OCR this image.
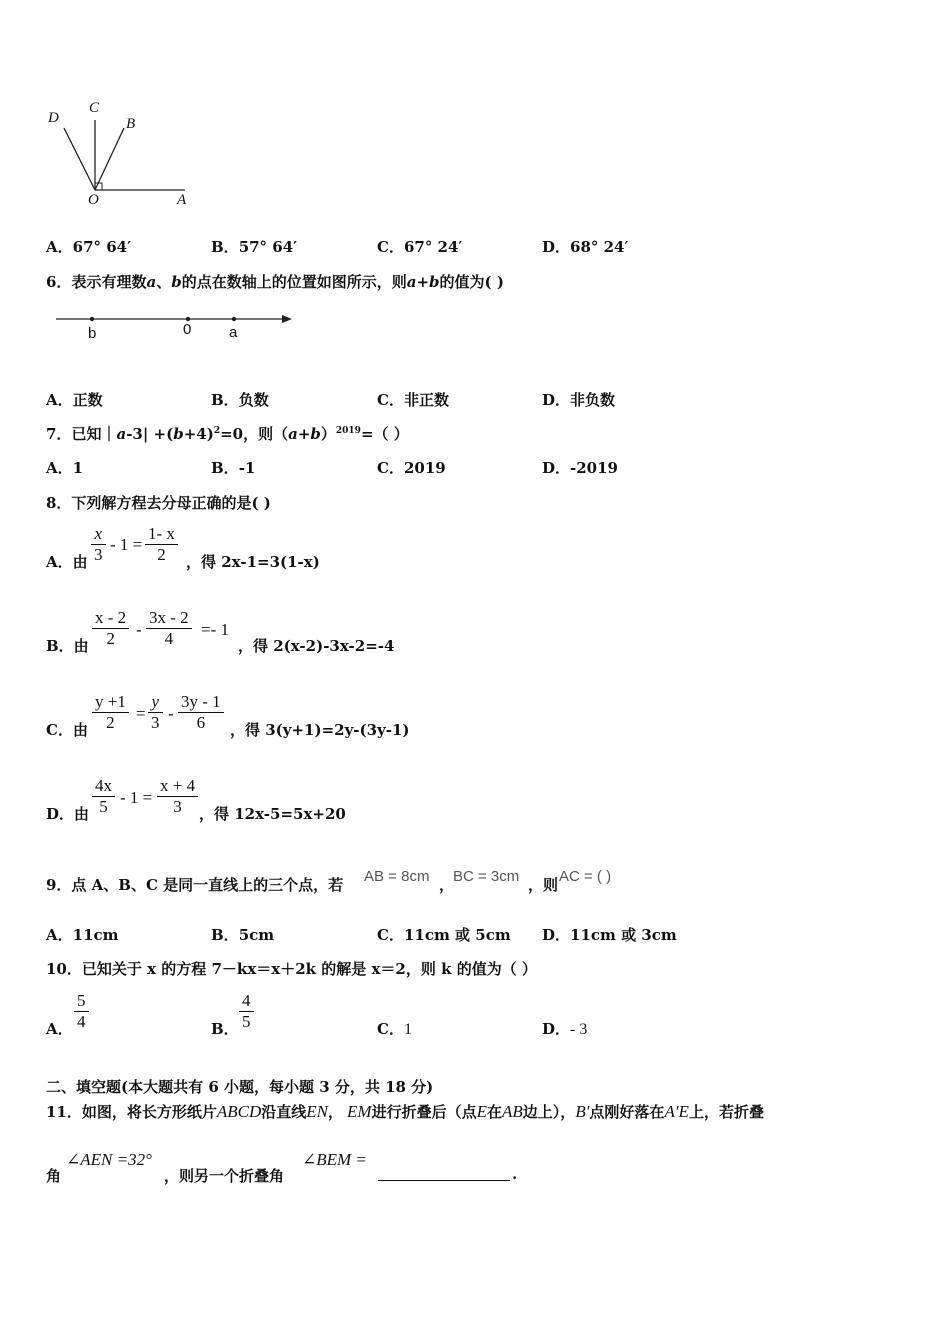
D
C
B
O	A
A．67° 64′	B．57° 64′	C．67° 24′	D．68° 24′
6．表示有理数a、b的点在数轴上的位置如图所示，则a+b的值为( )
b	0	a
A．正数	B．负数	C．非正数	D．非负数
7．已知｜a-3| $+(b+4)^2=0$，则$(a+b)^{2019}=$（ ）
A．1	B．-1	C．2019	D．-2019
8．下列解方程去分母正确的是( )
A．由
x
3
- 1 =
1- x
2	，得 2x-1=3(1-x)
B．由
x - 2
2	-
3x - 2
4	=- 1
，得 2(x-2)-3x-2=-4
C．由
y +1
2	=
y
3 -
3y - 1
6	，得 3(y+1)=2y-(3y-1)
D．由
4x
5 - 1 =
x + 4
3	，得 12x-5=5x+20
9．点 A、B、C 是同一直线上的三个点，若 AB = 8cm ，
BC = 3cm ，则 AC = ( )
A．11cm	B．5cm	C．11cm 或 5cm D．11cm 或 3cm
10．已知关于 x 的方程 7－kx＝x＋2k 的解是 x＝2，则 k 的值为（ ）
A．
5
4	B．
4
5	C．1	D．- 3
二、填空题(本大题共有 6 小题，每小题 3 分，共 18 分)
11．如图，将长方形纸片ABCD沿直线EN， EM进行折叠后（点E在AB边上），B′点刚好落在A′E上，若折叠
角
∠AEN =32°
，则另一个折叠角
∠BEM =
.
